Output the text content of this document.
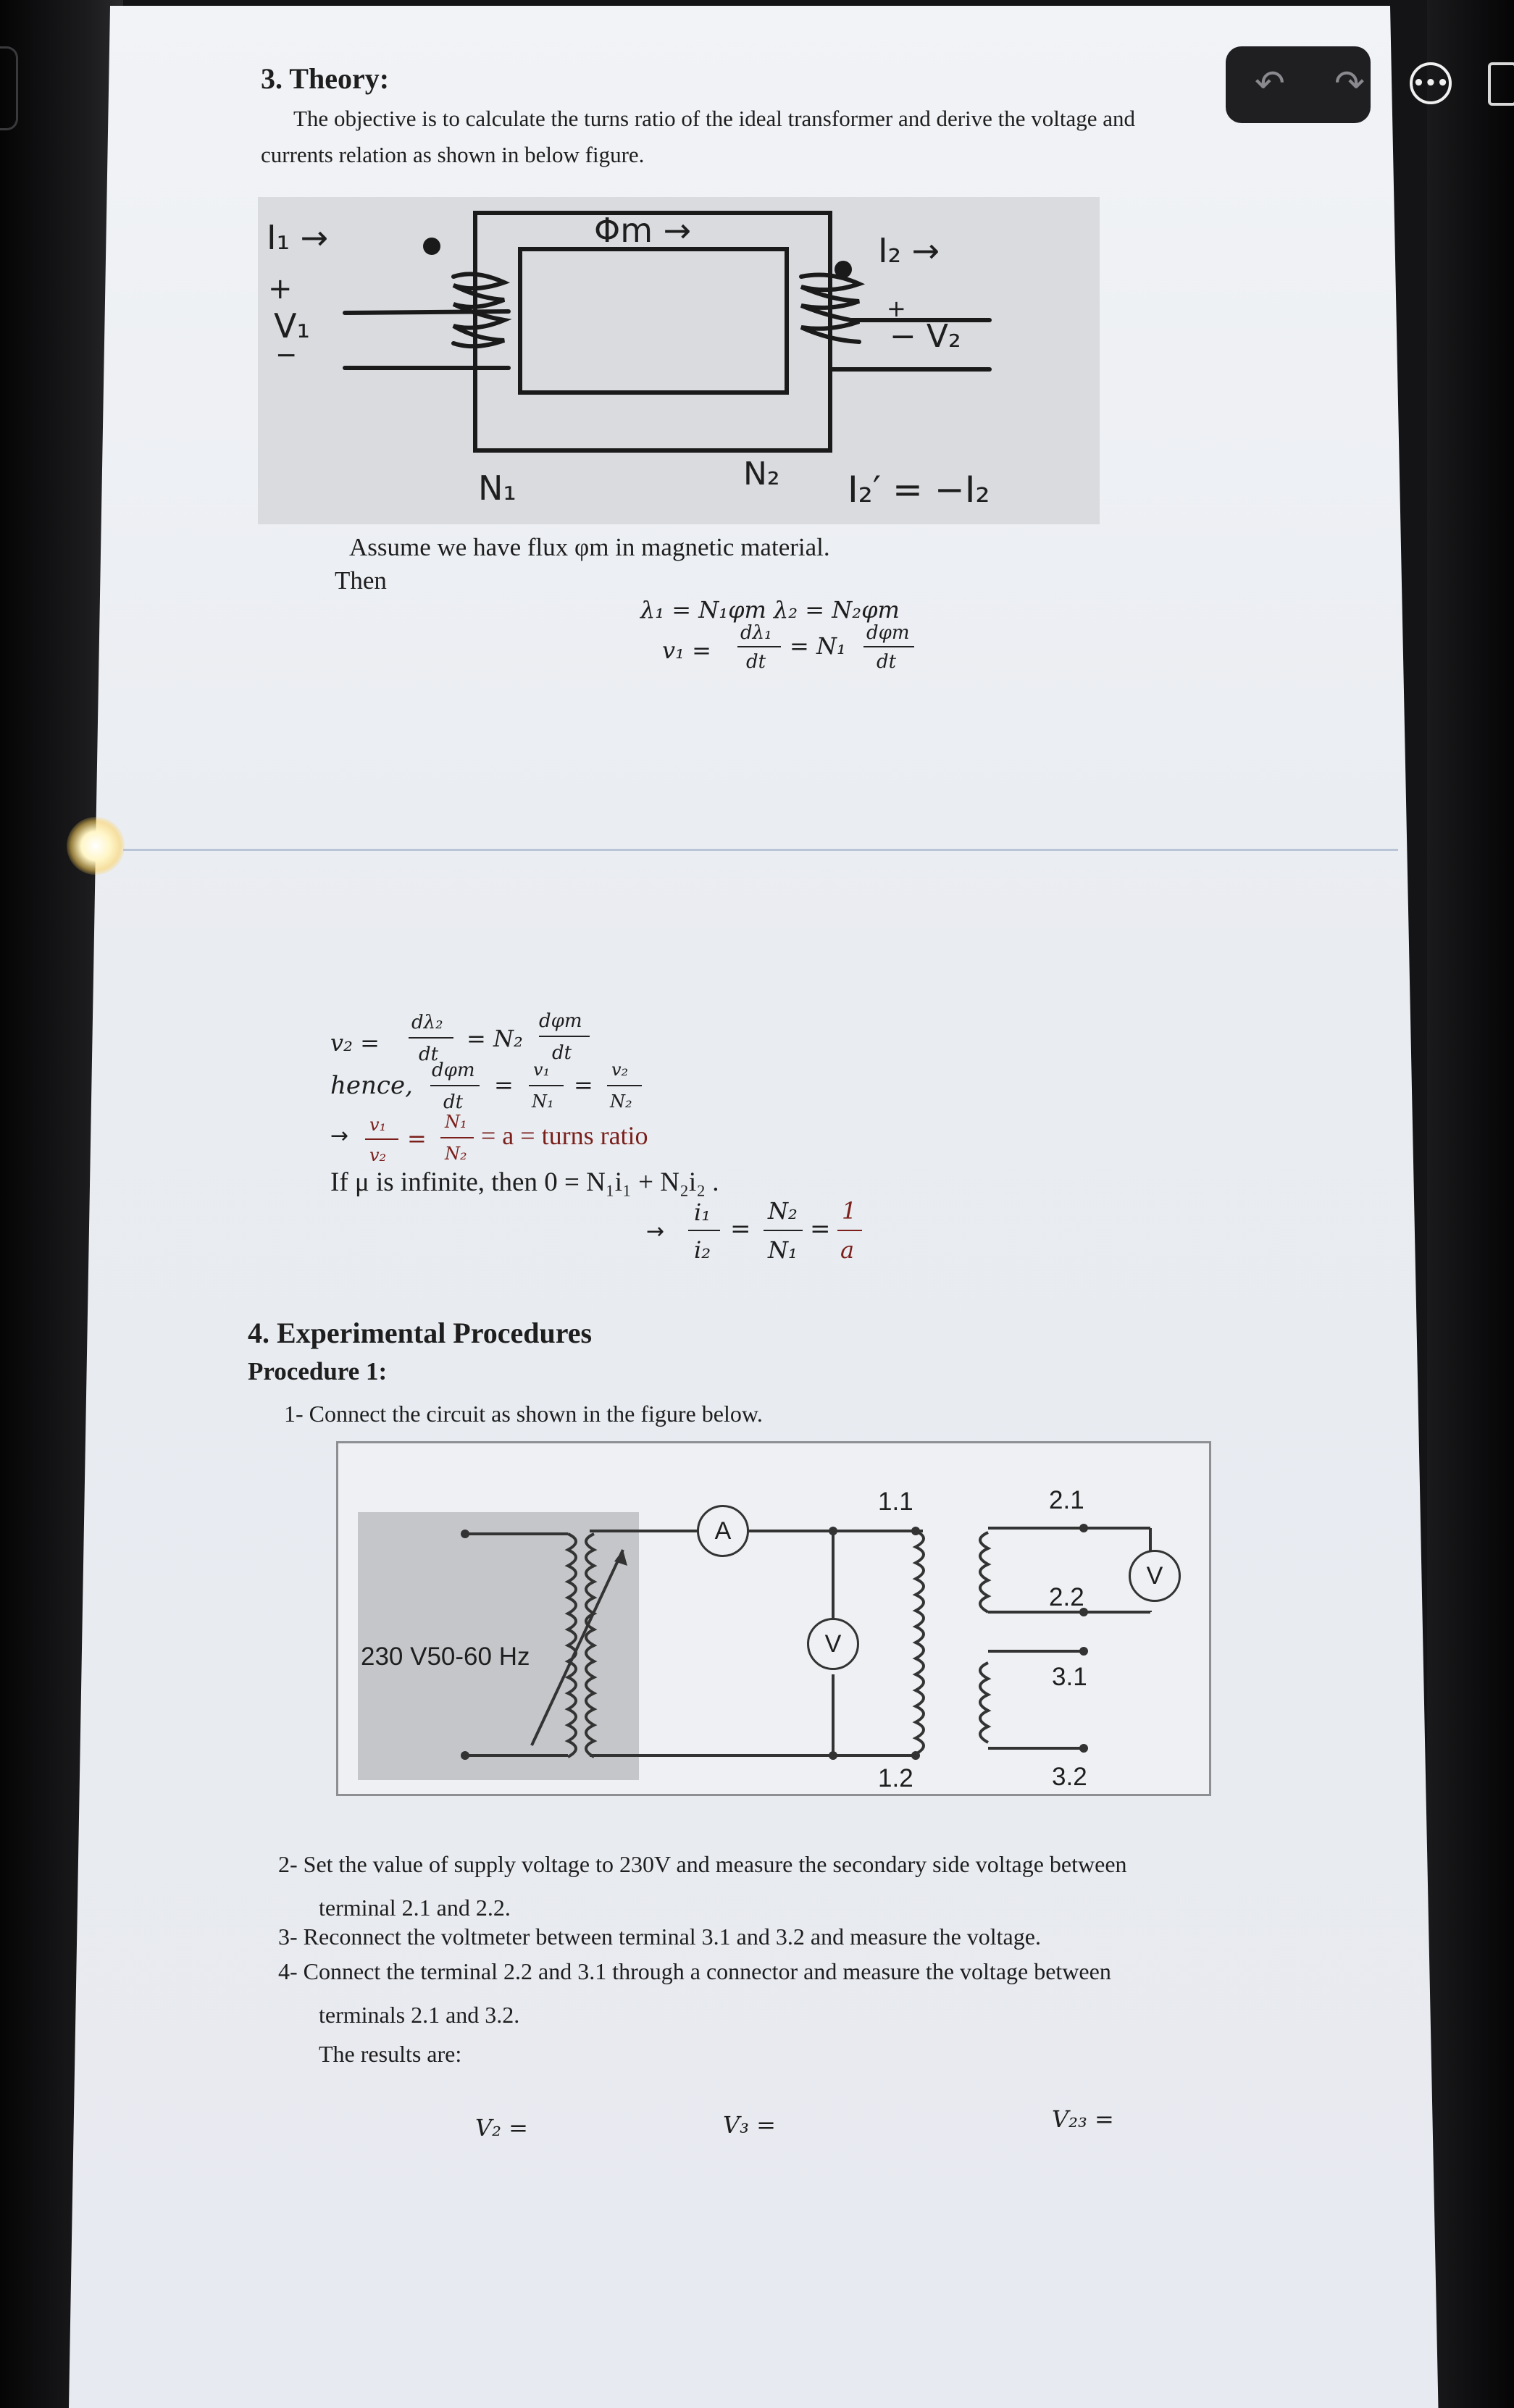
↶ ↷	•••
3. Theory:
The objective is to calculate the turns ratio of the ideal transformer and derive the voltage and
currents relation as shown in below figure.
I₁ →
+
V₁
−
Φm →
I₂ →
+
− V₂
N₁	N₂ I₂′ = −I₂
Assume we have flux φm in magnetic material.
Then
λ₁ = N₁φm λ₂ = N₂φm
v₁ =
dλ₁
dt
= N₁ dφm
dt
v₂ =
dλ₂
dt
= N₂
dφm
dt
hence,
dφm
dt
=
v₁
N₁
=
v₂
N₂
→ v₁
v₂
=
N₁
N₂
= a = turns ratio
If μ is infinite, then 0 = N₁i₁ + N₂i₂ .
→
i₁
i₂
=
N₂
N₁
=
1
a
4. Experimental Procedures
Procedure 1:
1- Connect the circuit as shown in the figure below.
A
V
V
230 V50-60 Hz
1.1
1.2
2.1
2.2
3.1
3.2
2- Set the value of supply voltage to 230V and measure the secondary side voltage between
terminal 2.1 and 2.2.
3- Reconnect the voltmeter between terminal 3.1 and 3.2 and measure the voltage.
4- Connect the terminal 2.2 and 3.1 through a connector and measure the voltage between
terminals 2.1 and 3.2.
The results are:
V₂ =	V₃ =	V₂₃ =
